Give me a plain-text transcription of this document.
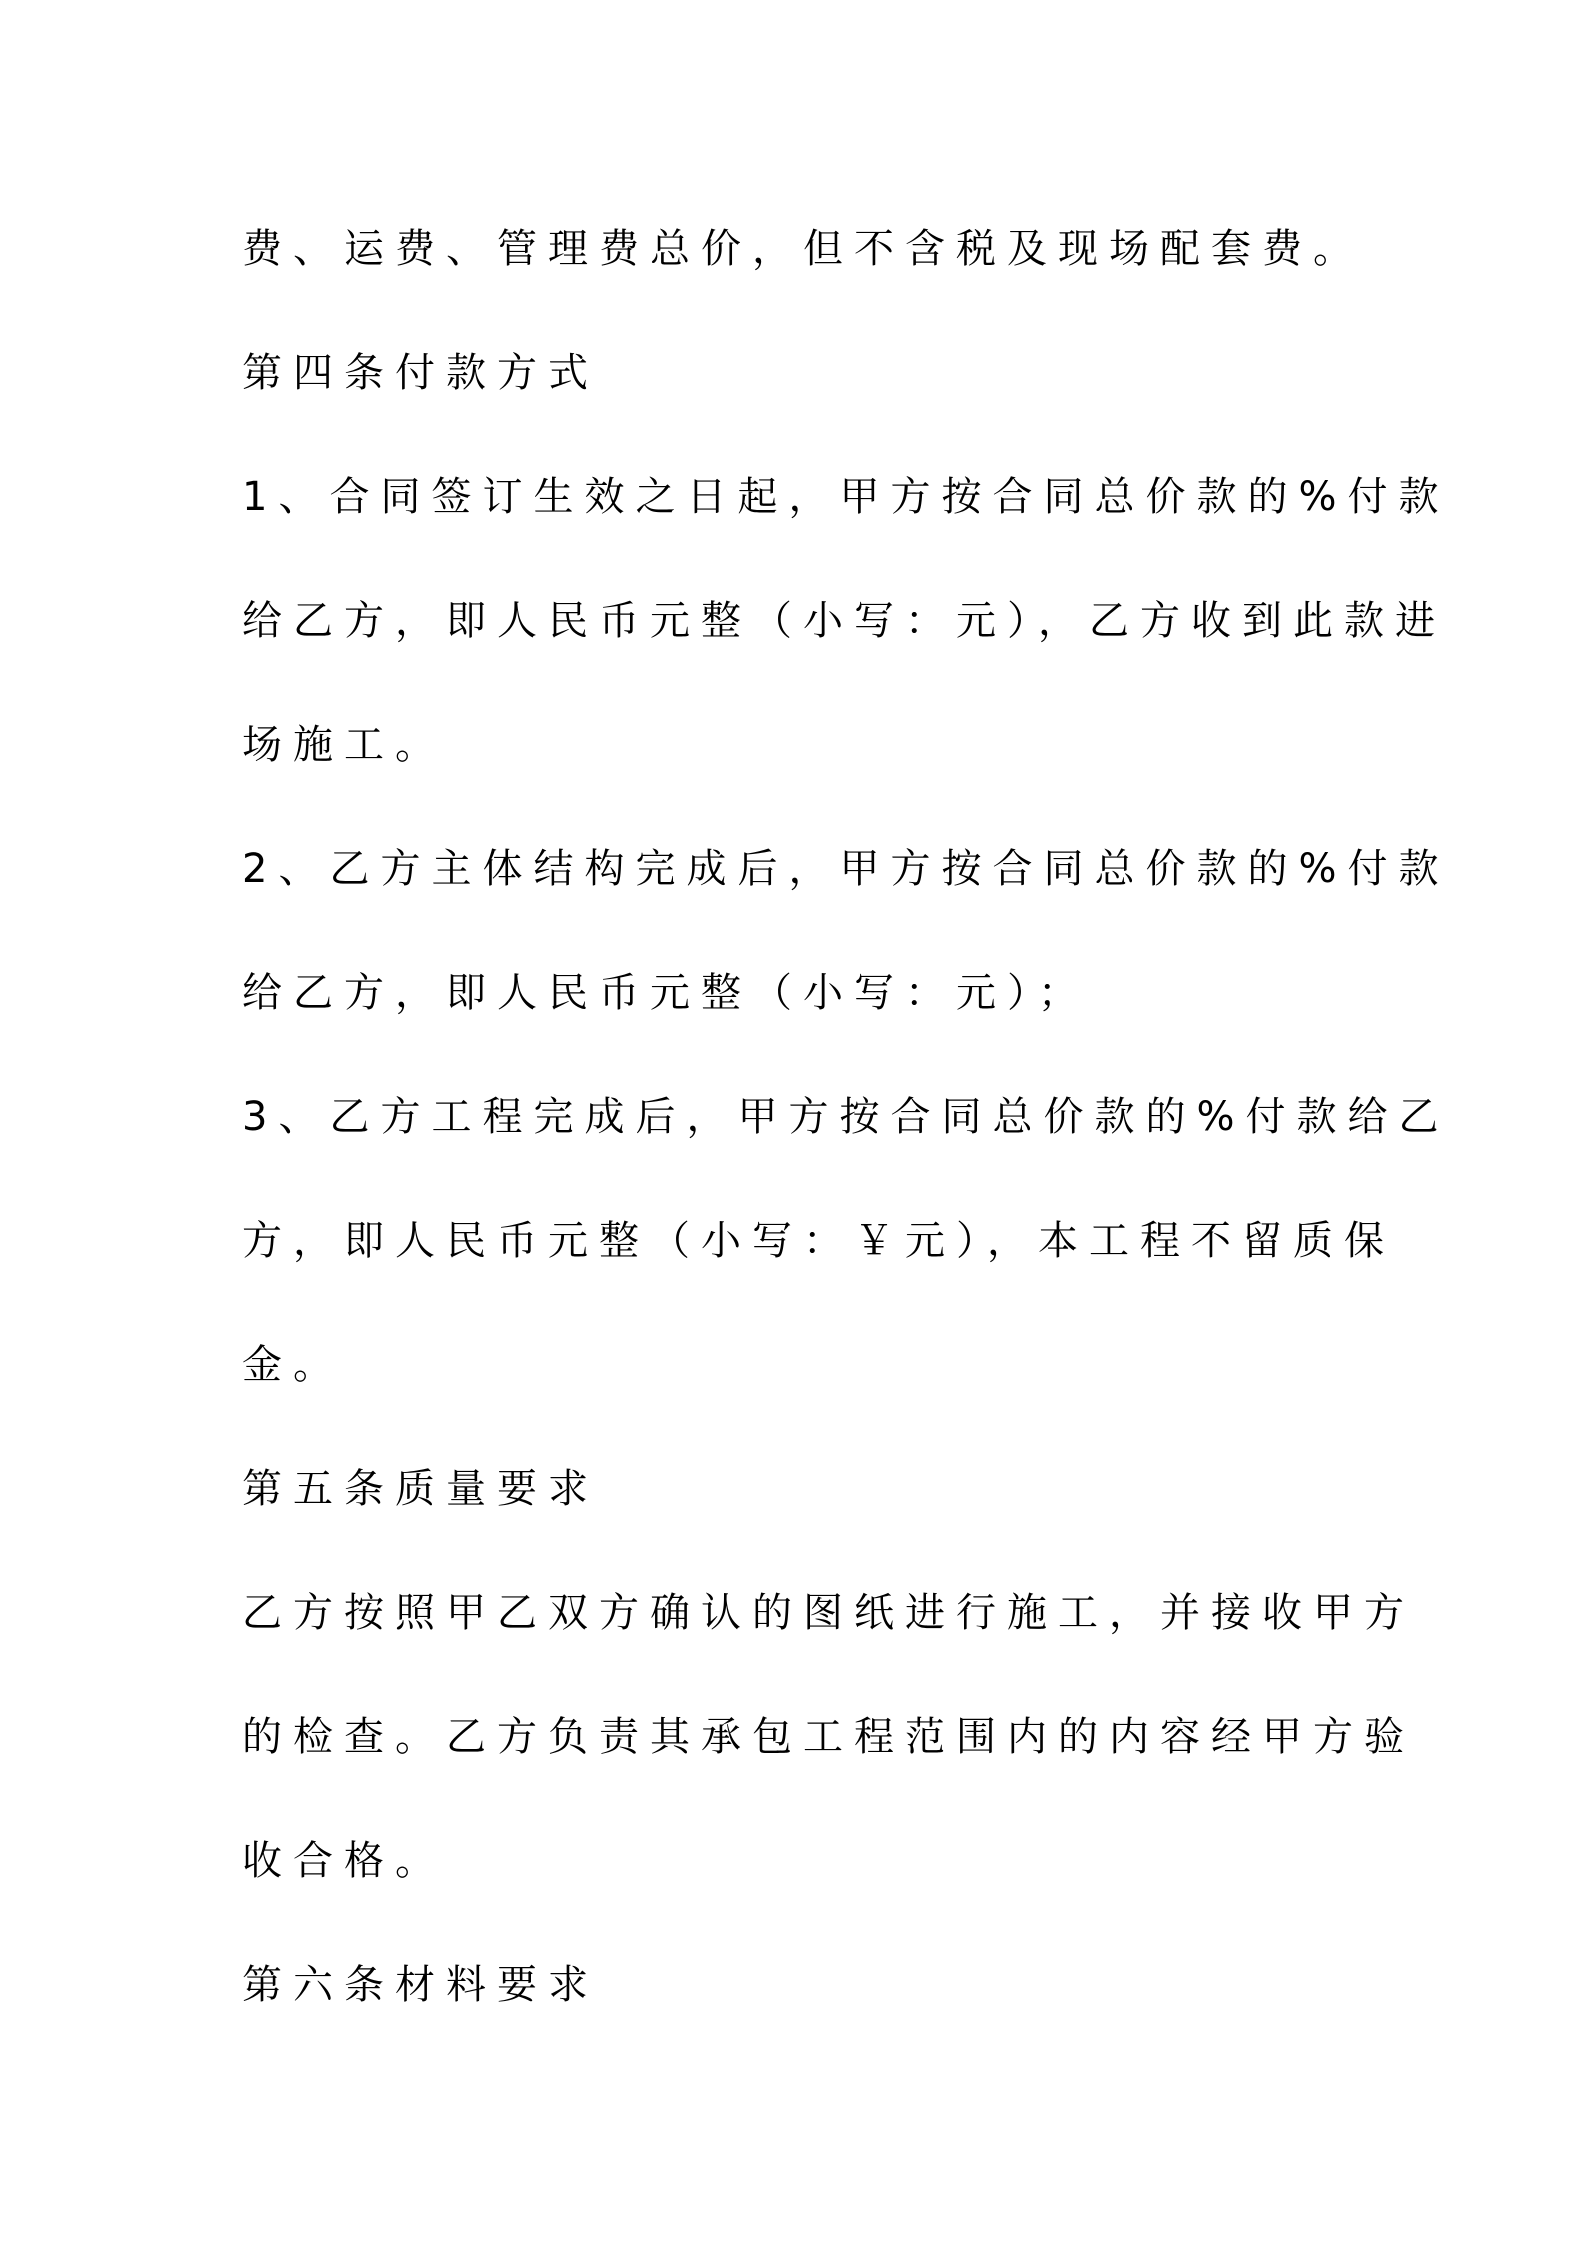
费、运费、管理费总价，但不含税及现场配套费。

第四条付款方式

1、合同签订生效之日起，甲方按合同总价款的%付款

给乙方，即人民币元整（小写：元），乙方收到此款进

场施工。

2、乙方主体结构完成后，甲方按合同总价款的%付款

给乙方，即人民币元整（小写：元）；

3、乙方工程完成后，甲方按合同总价款的%付款给乙

方，即人民币元整（小写：￥元），本工程不留质保

金。

第五条质量要求

乙方按照甲乙双方确认的图纸进行施工，并接收甲方

的检查。乙方负责其承包工程范围内的内容经甲方验

收合格。

第六条材料要求
